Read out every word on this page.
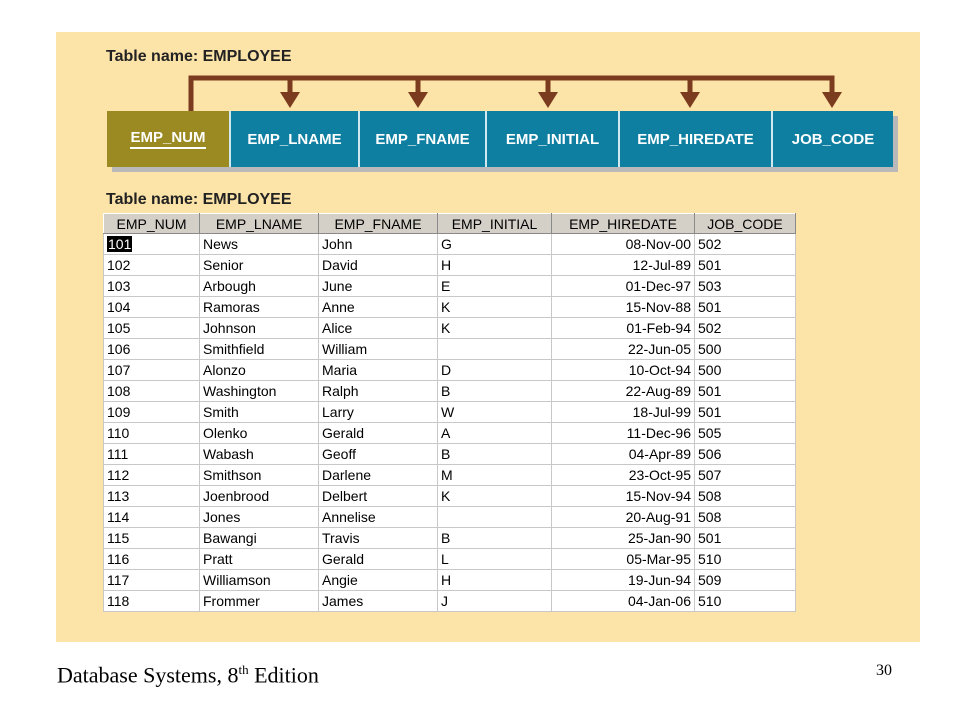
Table name: EMPLOYEE
EMP_NUM	EMP_LNAME	EMP_FNAME	EMP_INITIAL	EMP_HIREDATE	JOB_CODE
Table name: EMPLOYEE
EMP_NUM	EMP_LNAME	EMP_FNAME	EMP_INITIAL	EMP_HIREDATE	JOB_CODE
101	News	John	G	08-Nov-00	502
102	Senior	David	H	12-Jul-89	501
103	Arbough	June	E	01-Dec-97	503
104	Ramoras	Anne	K	15-Nov-88	501
105	Johnson	Alice	K	01-Feb-94	502
106	Smithfield	William		22-Jun-05	500
107	Alonzo	Maria	D	10-Oct-94	500
108	Washington	Ralph	B	22-Aug-89	501
109	Smith	Larry	W	18-Jul-99	501
110	Olenko	Gerald	A	11-Dec-96	505
111	Wabash	Geoff	B	04-Apr-89	506
112	Smithson	Darlene	M	23-Oct-95	507
113	Joenbrood	Delbert	K	15-Nov-94	508
114	Jones	Annelise		20-Aug-91	508
115	Bawangi	Travis	B	25-Jan-90	501
116	Pratt	Gerald	L	05-Mar-95	510
117	Williamson	Angie	H	19-Jun-94	509
118	Frommer	James	J	04-Jan-06	510
Database Systems, 8th Edition	30
